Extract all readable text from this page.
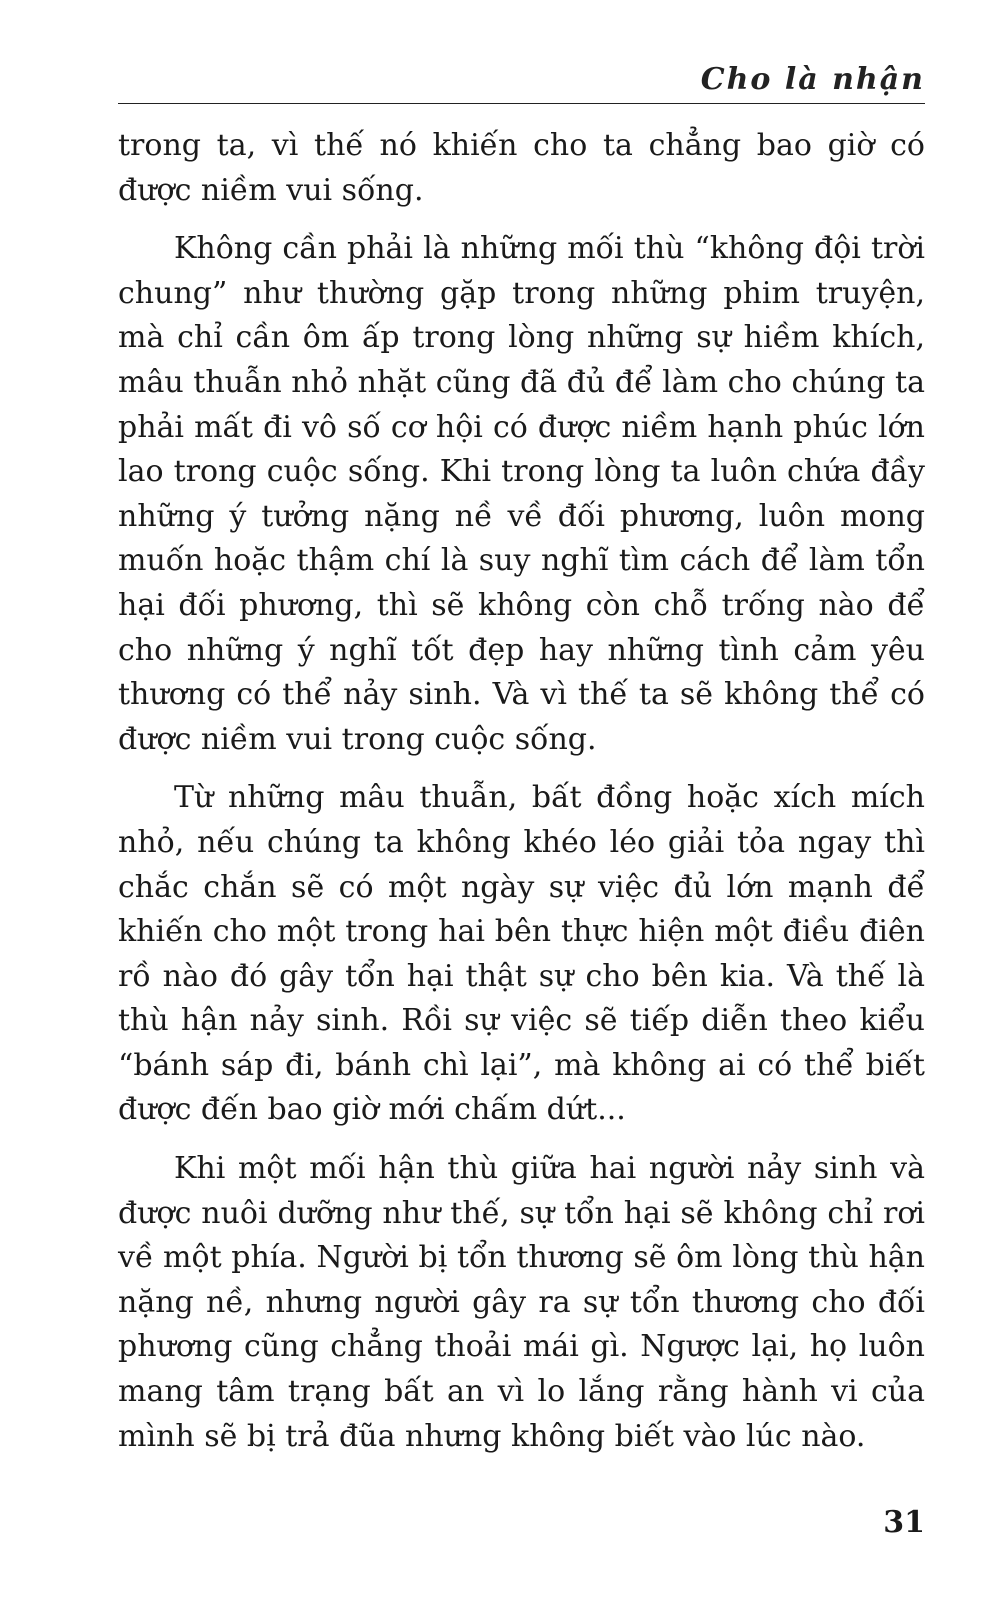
Cho là nhận

trong ta, vì thế nó khiến cho ta chẳng bao giờ có được niềm vui sống.

Không cần phải là những mối thù “không đội trời chung” như thường gặp trong những phim truyện, mà chỉ cần ôm ấp trong lòng những sự hiềm khích, mâu thuẫn nhỏ nhặt cũng đã đủ để làm cho chúng ta phải mất đi vô số cơ hội có được niềm hạnh phúc lớn lao trong cuộc sống. Khi trong lòng ta luôn chứa đầy những ý tưởng nặng nề về đối phương, luôn mong muốn hoặc thậm chí là suy nghĩ tìm cách để làm tổn hại đối phương, thì sẽ không còn chỗ trống nào để cho những ý nghĩ tốt đẹp hay những tình cảm yêu thương có thể nảy sinh. Và vì thế ta sẽ không thể có được niềm vui trong cuộc sống.

Từ những mâu thuẫn, bất đồng hoặc xích mích nhỏ, nếu chúng ta không khéo léo giải tỏa ngay thì chắc chắn sẽ có một ngày sự việc đủ lớn mạnh để khiến cho một trong hai bên thực hiện một điều điên rồ nào đó gây tổn hại thật sự cho bên kia. Và thế là thù hận nảy sinh. Rồi sự việc sẽ tiếp diễn theo kiểu “bánh sáp đi, bánh chì lại”, mà không ai có thể biết được đến bao giờ mới chấm dứt...

Khi một mối hận thù giữa hai người nảy sinh và được nuôi dưỡng như thế, sự tổn hại sẽ không chỉ rơi về một phía. Người bị tổn thương sẽ ôm lòng thù hận nặng nề, nhưng người gây ra sự tổn thương cho đối phương cũng chẳng thoải mái gì. Ngược lại, họ luôn mang tâm trạng bất an vì lo lắng rằng hành vi của mình sẽ bị trả đũa nhưng không biết vào lúc nào.

31
